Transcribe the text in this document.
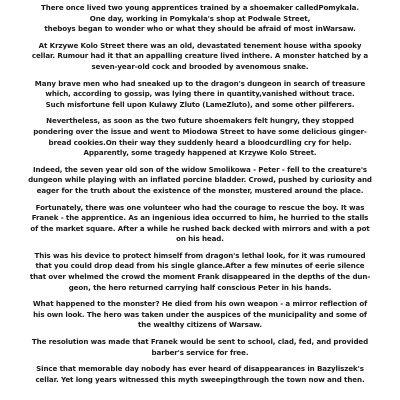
There once lived two young apprentices trained by a shoemaker calledPomykala.
One day, working in Pomykala's shop at Podwale Street,
theboys began to wonder who or what they should be afraid of most inWarsaw.

At Krzywe Kolo Street there was an old, devastated tenement house witha spooky
cellar. Rumour had it that an appalling creature lived inthere. A monster hatched by a
seven-year-old cock and brooded by avenomous snake.

Many brave men who had sneaked up to the dragon's dungeon in search of treasure
which, according to gossip, was lying there in quantity,vanished without trace.
Such misfortune fell upon Kulawy Zluto (LameZluto), and some other pilferers.

Nevertheless, as soon as the two future shoemakers felt hungry, they stopped
pondering over the issue and went to Miodowa Street to have some delicious ginger-
bread cookies.On their way they suddenly heard a bloodcurdling cry for help.
Apparently, some tragedy happened at Krzywe Kolo Street.

Indeed, the seven year old son of the widow Smolikowa - Peter - fell to the creature's
dungeon while playing with an inflated porcine bladder. Crowd, pushed by curiosity and
eager for the truth about the existence of the monster, mustered around the place.

Fortunately, there was one volunteer who had the courage to rescue the boy. It was
Franek - the apprentice. As an ingenious idea occurred to him, he hurried to the stalls
of the market square. After a while he rushed back decked with mirrors and with a pot
on his head.

This was his device to protect himself from dragon's lethal look, for it was rumoured
that you could drop dead from his single glance.After a few minutes of eerie silence
that over whelmed the crowd the moment Frank disappeared in the depths of the dun-
geon, the hero returned carrying half conscious Peter in his hands.

What happened to the monster? He died from his own weapon - a mirror reflection of
his own look. The hero was taken under the auspices of the municipality and some of
the wealthy citizens of Warsaw.

The resolution was made that Franek would be sent to school, clad, fed, and provided
barber's service for free.

Since that memorable day nobody has ever heard of disappearances in Bazyliszek's
cellar. Yet long years witnessed this myth sweepingthrough the town now and then.
